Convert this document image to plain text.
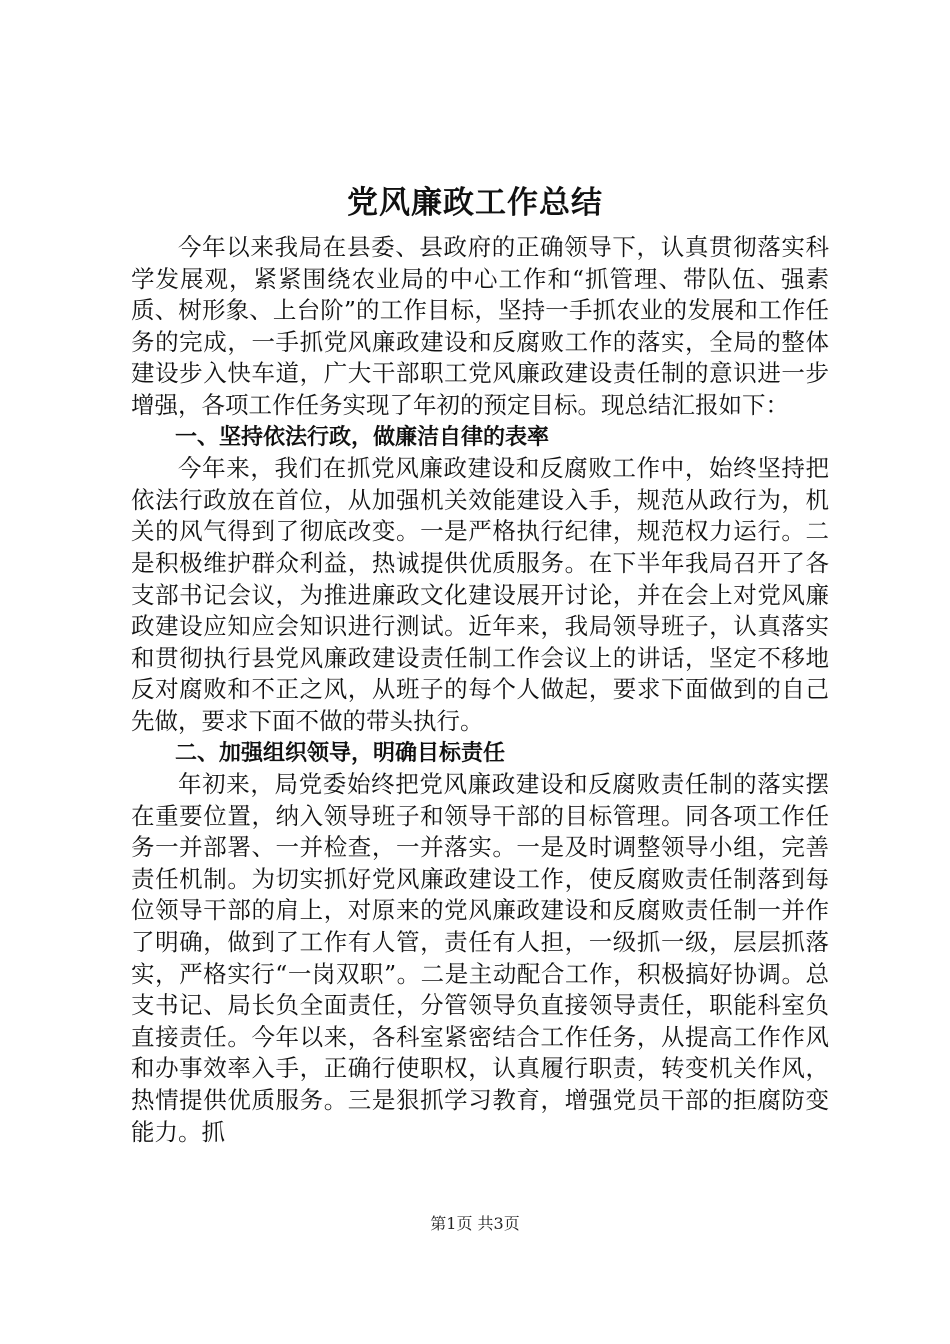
党风廉政工作总结

今年以来我局在县委、县政府的正确领导下，认真贯彻落实科学发展观，紧紧围绕农业局的中心工作和“抓管理、带队伍、强素质、树形象、上台阶”的工作目标，坚持一手抓农业的发展和工作任务的完成，一手抓党风廉政建设和反腐败工作的落实，全局的整体建设步入快车道，广大干部职工党风廉政建设责任制的意识进一步增强，各项工作任务实现了年初的预定目标。现总结汇报如下：

一、坚持依法行政，做廉洁自律的表率

今年来，我们在抓党风廉政建设和反腐败工作中，始终坚持把依法行政放在首位，从加强机关效能建设入手，规范从政行为，机关的风气得到了彻底改变。一是严格执行纪律，规范权力运行。二是积极维护群众利益，热诚提供优质服务。在下半年我局召开了各支部书记会议，为推进廉政文化建设展开讨论，并在会上对党风廉政建设应知应会知识进行测试。近年来，我局领导班子，认真落实和贯彻执行县党风廉政建设责任制工作会议上的讲话，坚定不移地反对腐败和不正之风，从班子的每个人做起，要求下面做到的自己先做，要求下面不做的带头执行。

二、加强组织领导，明确目标责任

年初来，局党委始终把党风廉政建设和反腐败责任制的落实摆在重要位置，纳入领导班子和领导干部的目标管理。同各项工作任务一并部署、一并检查，一并落实。一是及时调整领导小组，完善责任机制。为切实抓好党风廉政建设工作，使反腐败责任制落到每位领导干部的肩上，对原来的党风廉政建设和反腐败责任制一并作了明确，做到了工作有人管，责任有人担，一级抓一级，层层抓落实，严格实行“一岗双职”。二是主动配合工作，积极搞好协调。总支书记、局长负全面责任，分管领导负直接领导责任，职能科室负直接责任。今年以来，各科室紧密结合工作任务，从提高工作作风和办事效率入手，正确行使职权，认真履行职责，转变机关作风，热情提供优质服务。三是狠抓学习教育，增强党员干部的拒腐防变能力。抓

第1页 共3页
